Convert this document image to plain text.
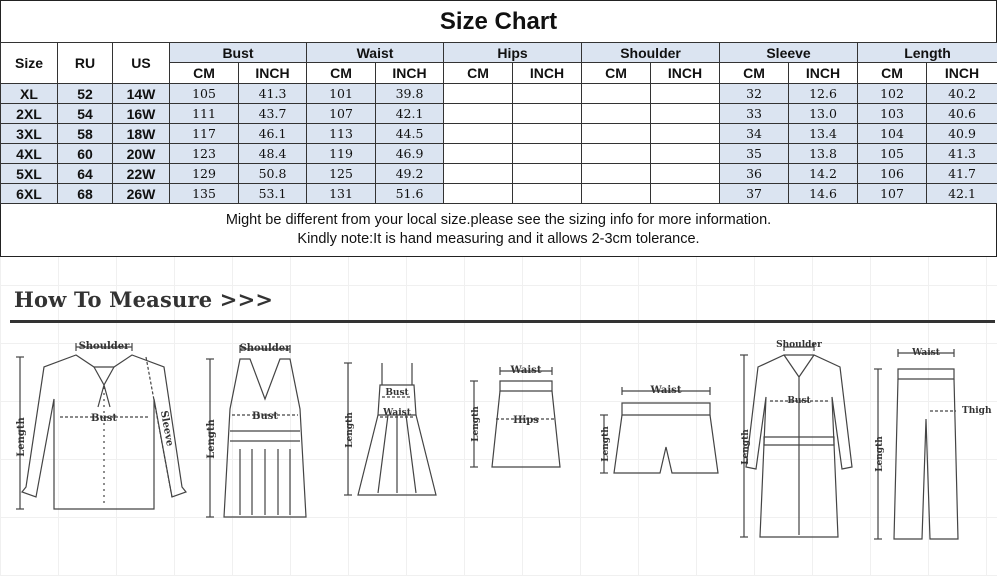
Size Chart
Size	RU	US	Bust		Waist		Hips		Shoulder		Sleeve		Length	
			CM	INCH	CM	INCH	CM	INCH	CM	INCH	CM	INCH	CM	INCH
XL	52	14W	105	41.3	101	39.8					32	12.6	102	40.2
2XL	54	16W	111	43.7	107	42.1					33	13.0	103	40.6
3XL	58	18W	117	46.1	113	44.5					34	13.4	104	40.9
4XL	60	20W	123	48.4	119	46.9					35	13.8	105	41.3
5XL	64	22W	129	50.8	125	49.2					36	14.2	106	41.7
6XL	68	26W	135	53.1	131	51.6					37	14.6	107	42.1
Might be different from your local size.please see the sizing info for more information.
Kindly note:It is hand measuring and it allows 2-3cm tolerance.
How To Measure >>>
Shoulder
Bust
Length	Sleeve
Shoulder
Bust
Length
Bust
Waist
Length
Waist
Hips
Length
Waist
Length
Shoulder
Bust
Length
Waist
Thigh
Length
